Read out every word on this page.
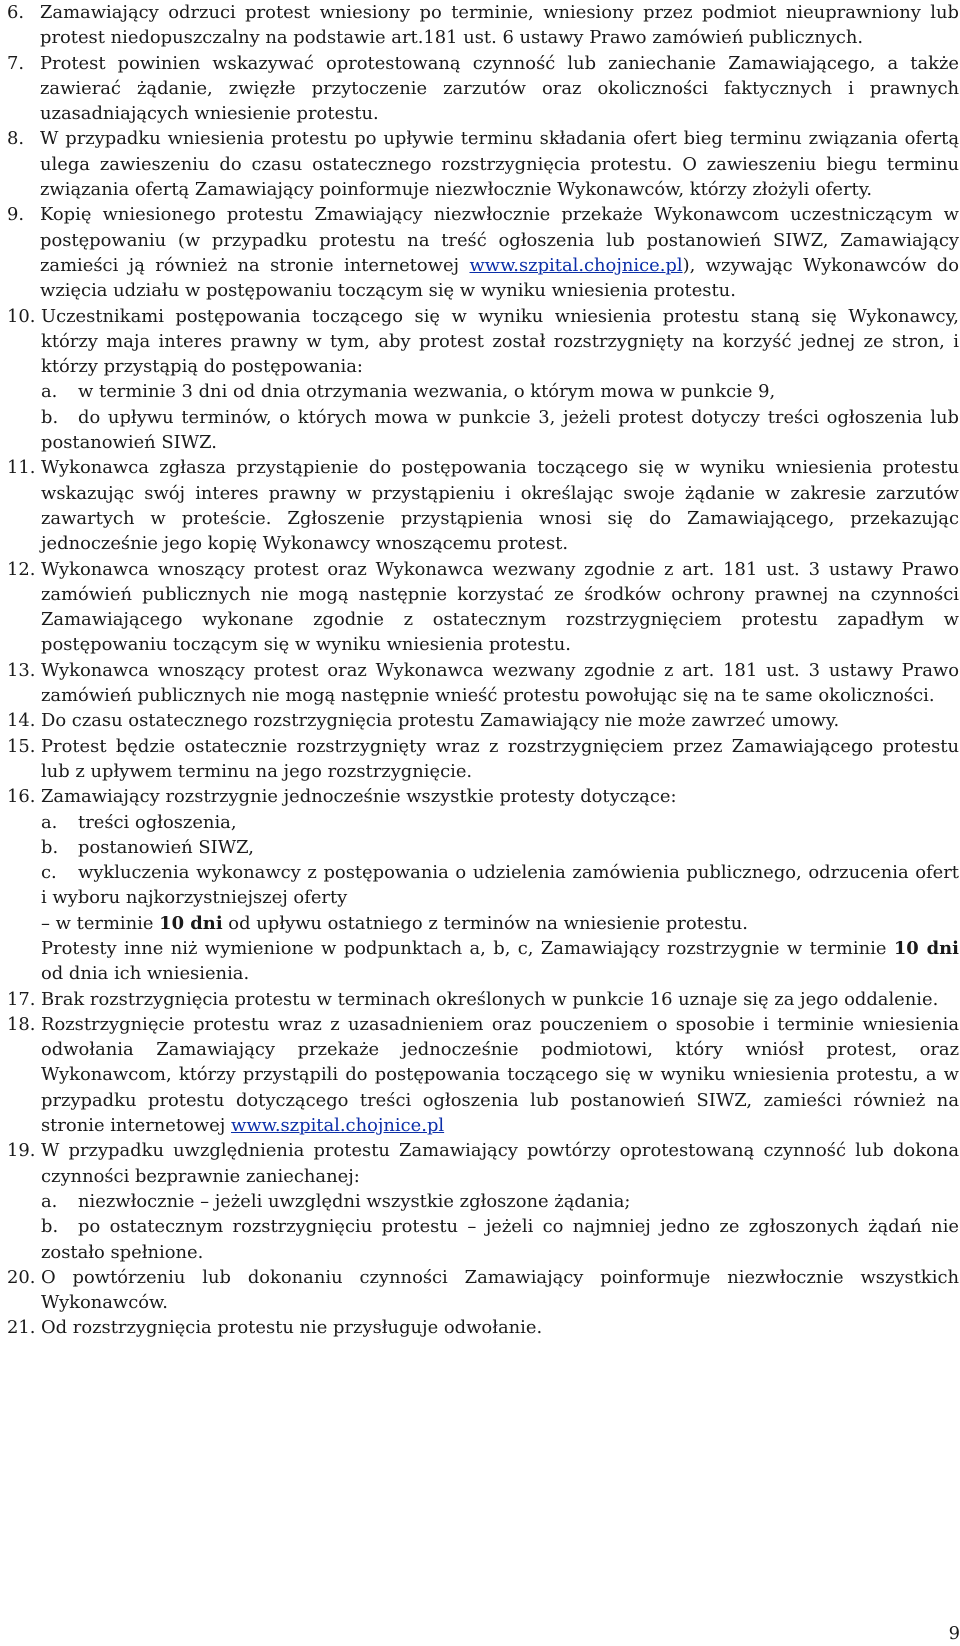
6. Zamawiający odrzuci protest wniesiony po terminie, wniesiony przez podmiot nieuprawniony lub protest niedopuszczalny na podstawie art.181 ust. 6 ustawy Prawo zamówień publicznych.
7. Protest powinien wskazywać oprotestowaną czynność lub zaniechanie Zamawiającego, a także zawierać żądanie, zwięzłe przytoczenie zarzutów oraz okoliczności faktycznych i prawnych uzasadniających wniesienie protestu.
8. W przypadku wniesienia protestu po upływie terminu składania ofert bieg terminu związania ofertą ulega zawieszeniu do czasu ostatecznego rozstrzygnięcia protestu. O zawieszeniu biegu terminu związania ofertą Zamawiający poinformuje niezwłocznie Wykonawców, którzy złożyli oferty.
9. Kopię wniesionego protestu Zmawiający niezwłocznie przekaże Wykonawcom uczestniczącym w postępowaniu (w przypadku protestu na treść ogłoszenia lub postanowień SIWZ, Zamawiający zamieści ją również na stronie internetowej www.szpital.chojnice.pl), wzywając Wykonawców do wzięcia udziału w postępowaniu toczącym się w wyniku wniesienia protestu.
10. Uczestnikami postępowania toczącego się w wyniku wniesienia protestu staną się Wykonawcy, którzy maja interes prawny w tym, aby protest został rozstrzygnięty na korzyść jednej ze stron, i którzy przystąpią do postępowania:
a. w terminie 3 dni od dnia otrzymania wezwania, o którym mowa w punkcie 9,
b. do upływu terminów, o których mowa w punkcie 3, jeżeli protest dotyczy treści ogłoszenia lub postanowień SIWZ.
11. Wykonawca zgłasza przystąpienie do postępowania toczącego się w wyniku wniesienia protestu wskazując swój interes prawny w przystąpieniu i określając swoje żądanie w zakresie zarzutów zawartych w proteście. Zgłoszenie przystąpienia wnosi się do Zamawiającego, przekazując jednocześnie jego kopię Wykonawcy wnoszącemu protest.
12. Wykonawca wnoszący protest oraz Wykonawca wezwany zgodnie z art. 181 ust. 3 ustawy Prawo zamówień publicznych nie mogą następnie korzystać ze środków ochrony prawnej na czynności Zamawiającego wykonane zgodnie z ostatecznym rozstrzygnięciem protestu zapadłym w postępowaniu toczącym się w wyniku wniesienia protestu.
13. Wykonawca wnoszący protest oraz Wykonawca wezwany zgodnie z art. 181 ust. 3 ustawy Prawo zamówień publicznych nie mogą następnie wnieść protestu powołując się na te same okoliczności.
14. Do czasu ostatecznego rozstrzygnięcia protestu Zamawiający nie może zawrzeć umowy.
15. Protest będzie ostatecznie rozstrzygnięty wraz z rozstrzygnięciem przez Zamawiającego protestu lub z upływem terminu na jego rozstrzygnięcie.
16. Zamawiający rozstrzygnie jednocześnie wszystkie protesty dotyczące:
a. treści ogłoszenia,
b. postanowień SIWZ,
c. wykluczenia wykonawcy z postępowania o udzielenia zamówienia publicznego, odrzucenia ofert i wyboru najkorzystniejszej oferty
– w terminie 10 dni od upływu ostatniego z terminów na wniesienie protestu.
Protesty inne niż wymienione w podpunktach a, b, c, Zamawiający rozstrzygnie w terminie 10 dni od dnia ich wniesienia.
17. Brak rozstrzygnięcia protestu w terminach określonych w punkcie 16 uznaje się za jego oddalenie.
18. Rozstrzygnięcie protestu wraz z uzasadnieniem oraz pouczeniem o sposobie i terminie wniesienia odwołania Zamawiający przekaże jednocześnie podmiotowi, który wniósł protest, oraz Wykonawcom, którzy przystąpili do postępowania toczącego się w wyniku wniesienia protestu, a w przypadku protestu dotyczącego treści ogłoszenia lub postanowień SIWZ, zamieści również na stronie internetowej www.szpital.chojnice.pl
19. W przypadku uwzględnienia protestu Zamawiający powtórzy oprotestowaną czynność lub dokona czynności bezprawnie zaniechanej:
a. niezwłocznie – jeżeli uwzględni wszystkie zgłoszone żądania;
b. po ostatecznym rozstrzygnięciu protestu – jeżeli co najmniej jedno ze zgłoszonych żądań nie zostało spełnione.
20. O powtórzeniu lub dokonaniu czynności Zamawiający poinformuje niezwłocznie wszystkich Wykonawców.
21. Od rozstrzygnięcia protestu nie przysługuje odwołanie.
9
